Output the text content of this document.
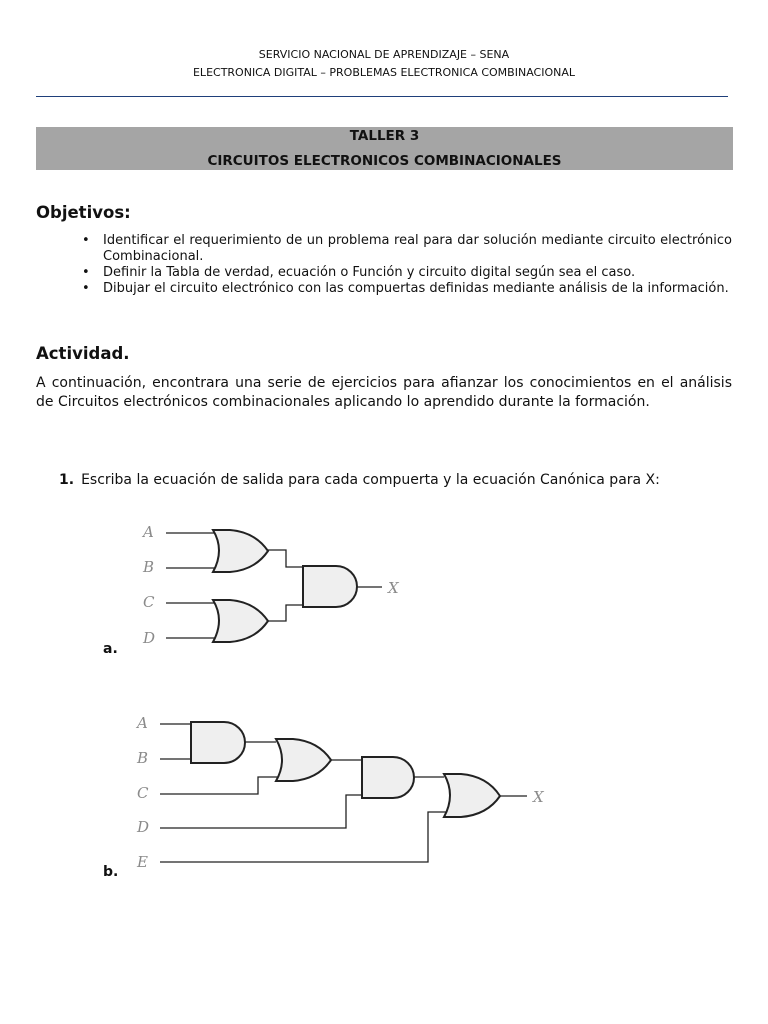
SERVICIO NACIONAL DE APRENDIZAJE – SENA
ELECTRONICA DIGITAL – PROBLEMAS ELECTRONICA COMBINACIONAL
TALLER 3
CIRCUITOS ELECTRONICOS COMBINACIONALES
Objetivos:
• Identificar el requerimiento de un problema real para dar solución mediante circuito electrónico Combinacional.
• Definir la Tabla de verdad, ecuación o Función y circuito digital según sea el caso.
• Dibujar el circuito electrónico con las compuertas definidas mediante análisis de la información.
Actividad.
A continuación, encontrara una serie de ejercicios para afianzar los conocimientos en el análisis de Circuitos electrónicos combinacionales aplicando lo aprendido durante la formación.
1. Escriba la ecuación de salida para cada compuerta y la ecuación Canónica para X:
A
B
C
D
X
A
B
C
D
E
X
a.
b.
